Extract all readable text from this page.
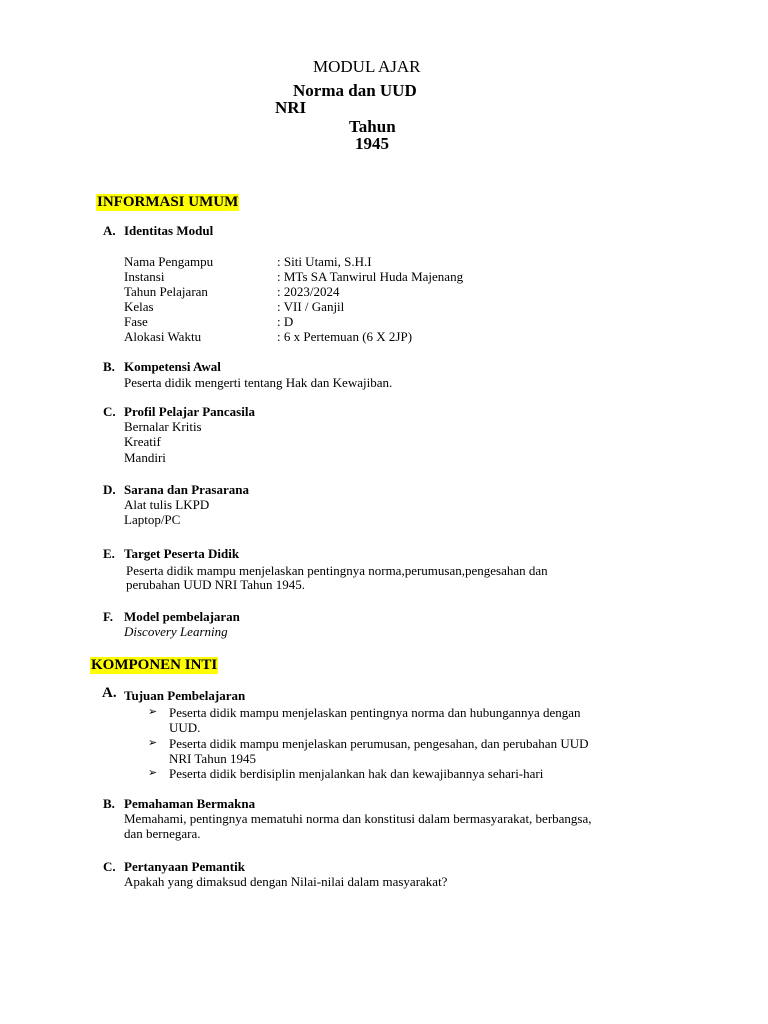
MODUL AJAR
Norma dan UUD
NRI
Tahun
1945
INFORMASI UMUM
A. Identitas Modul
Nama Pengampu	: Siti Utami, S.H.I
Instansi	: MTs SA Tanwirul Huda Majenang
Tahun Pelajaran	: 2023/2024
Kelas	: VII / Ganjil
Fase	: D
Alokasi Waktu	: 6 x Pertemuan (6 X 2JP)
B. Kompetensi Awal
Peserta didik mengerti tentang Hak dan Kewajiban.
C. Profil Pelajar Pancasila
Bernalar Kritis
Kreatif
Mandiri
D. Sarana dan Prasarana
Alat tulis LKPD
Laptop/PC
E. Target Peserta Didik
Peserta didik mampu menjelaskan pentingnya norma,perumusan,pengesahan dan
perubahan UUD NRI Tahun 1945.
F. Model pembelajaran
Discovery Learning
KOMPONEN INTI
A. Tujuan Pembelajaran
➢ Peserta didik mampu menjelaskan pentingnya norma dan hubungannya dengan
UUD.
➢ Peserta didik mampu menjelaskan perumusan, pengesahan, dan perubahan UUD
NRI Tahun 1945
➢ Peserta didik berdisiplin menjalankan hak dan kewajibannya sehari-hari
B. Pemahaman Bermakna
Memahami, pentingnya mematuhi norma dan konstitusi dalam bermasyarakat, berbangsa,
dan bernegara.
C. Pertanyaan Pemantik
Apakah yang dimaksud dengan Nilai-nilai dalam masyarakat?
